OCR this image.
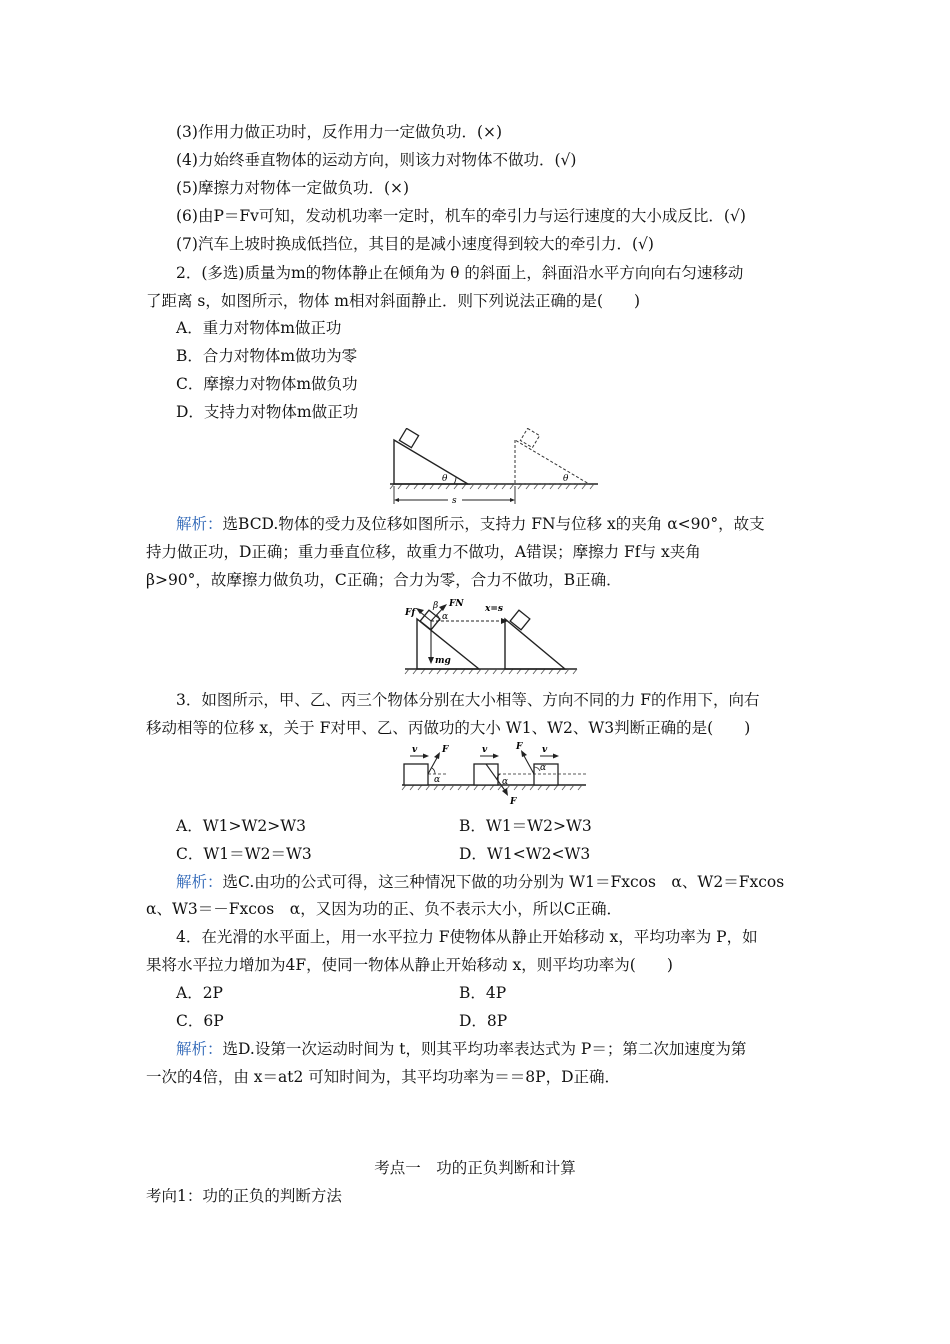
(3)作用力做正功时，反作用力一定做负功．(×)
(4)力始终垂直物体的运动方向，则该力对物体不做功．(√)
(5)摩擦力对物体一定做负功．(×)
(6)由P＝Fv可知，发动机功率一定时，机车的牵引力与运行速度的大小成反比．(√)
(7)汽车上坡时换成低挡位，其目的是减小速度得到较大的牵引力．(√)
2．(多选)质量为m的物体静止在倾角为 θ 的斜面上，斜面沿水平方向向右匀速移动
了距离 s，如图所示，物体 m相对斜面静止．则下列说法正确的是(　　)
A．重力对物体m做正功
B．合力对物体m做功为零
C．摩擦力对物体m做负功
D．支持力对物体m做正功
θ	θ
s
解析：选BCD.物体的受力及位移如图所示，支持力 FN与位移 x的夹角 α<90°，故支
持力做正功，D正确；重力垂直位移，故重力不做功，A错误；摩擦力 Ff与 x夹角
β>90°，故摩擦力做负功，C正确；合力为零，合力不做功，B正确．
Ff
β FN
α
x=s
mg
3．如图所示，甲、乙、丙三个物体分别在大小相等、方向不同的力 F的作用下，向右
移动相等的位移 x，关于 F对甲、乙、丙做功的大小 W1、W2、W3判断正确的是(　　)
v	F
α
v
F
α
v
F
α
A．W1>W2>W3	B．W1＝W2>W3
C．W1＝W2＝W3	D．W1<W2<W3
解析：选C.由功的公式可得，这三种情况下做的功分别为 W1＝Fxcos　α、W2＝Fxcos
α、W3＝－Fxcos　α，又因为功的正、负不表示大小，所以C正确．
4．在光滑的水平面上，用一水平拉力 F使物体从静止开始移动 x，平均功率为 P，如
果将水平拉力增加为4F，使同一物体从静止开始移动 x，则平均功率为(　　)
A．2P	B．4P
C．6P	D．8P
解析：选D.设第一次运动时间为 t，则其平均功率表达式为 P＝；第二次加速度为第
一次的4倍，由 x＝at2 可知时间为，其平均功率为＝＝8P，D正确．
考点一　功的正负判断和计算
考向1：功的正负的判断方法
